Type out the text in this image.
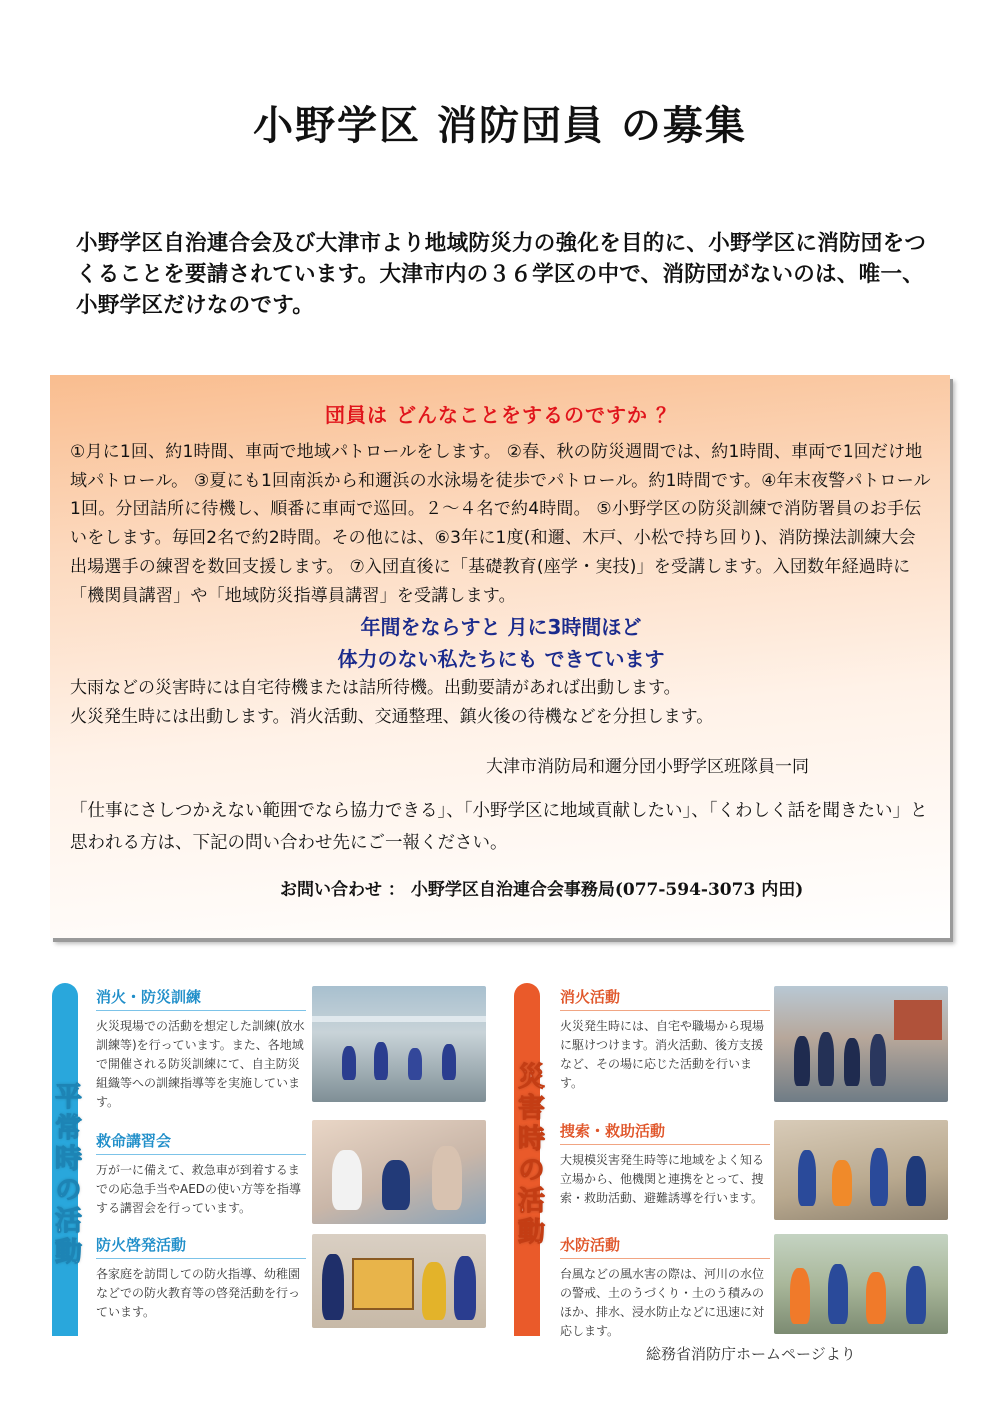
小野学区 消防団員 の募集

小野学区自治連合会及び大津市より地域防災力の強化を目的に、小野学区に消防団をつくることを要請されています。大津市内の３６学区の中で、消防団がないのは、唯一、小野学区だけなのです。

団員は どんなことをするのですか ？

①月に1回、約1時間、車両で地域パトロールをします。 ②春、秋の防災週間では、約1時間、車両で1回だけ地域パトロール。 ③夏にも1回南浜から和邇浜の水泳場を徒歩でパトロール。約1時間です。④年末夜警パトロール1回。分団詰所に待機し、順番に車両で巡回。２～４名で約4時間。 ⑤小野学区の防災訓練で消防署員のお手伝いをします。毎回2名で約2時間。その他には、⑥3年に1度(和邇、木戸、小松で持ち回り)、消防操法訓練大会出場選手の練習を数回支援します。 ⑦入団直後に「基礎教育(座学・実技)」を受講します。入団数年経過時に「機関員講習」や「地域防災指導員講習」を受講します。

年間をならすと 月に3時間ほど
体力のない私たちにも できています

大雨などの災害時には自宅待機または詰所待機。出動要請があれば出動します。

火災発生時には出動します。消火活動、交通整理、鎮火後の待機などを分担します。

大津市消防局和邇分団小野学区班隊員一同

「仕事にさしつかえない範囲でなら協力できる」、「小野学区に地域貢献したい」、「くわしく話を聞きたい」と思われる方は、下記の問い合わせ先にご一報ください。

お問い合わせ ： 小野学区自治連合会事務局(077-594-3073 内田)

平常時の活動

消火・防災訓練

火災現場での活動を想定した訓練(放水訓練等)を行っています。また、各地域で開催される防災訓練にて、自主防災組織等への訓練指導等を実施しています。

救命講習会

万が一に備えて、救急車が到着するまでの応急手当やAEDの使い方等を指導する講習会を行っています。

防火啓発活動

各家庭を訪問しての防火指導、幼稚園などでの防火教育等の啓発活動を行っています。

災害時の活動

消火活動

火災発生時には、自宅や職場から現場に駆けつけます。消火活動、後方支援など、その場に応じた活動を行います。

捜索・救助活動

大規模災害発生時等に地域をよく知る立場から、他機関と連携をとって、捜索・救助活動、避難誘導を行います。

水防活動

台風などの風水害の際は、河川の水位の警戒、土のうづくり・土のう積みのほか、排水、浸水防止などに迅速に対応します。

総務省消防庁ホームページより
